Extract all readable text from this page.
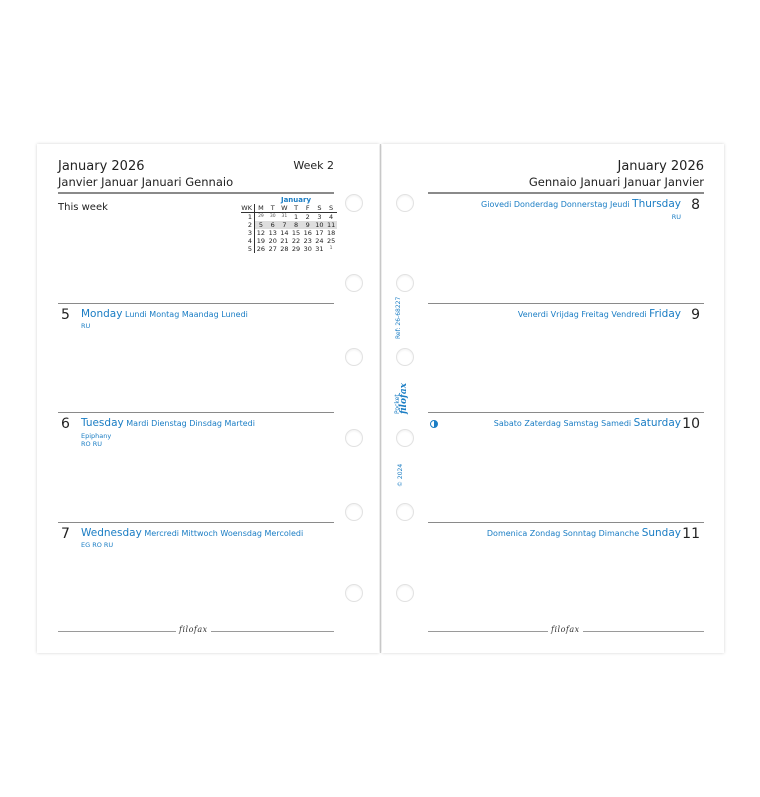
January 2026	Week 2
Janvier Januar Januari Gennaio
This week
January
WK	M	T	W	T	F	S	S
1	29	30	31	1	2	3	4
2	5	6	7	8	9	10	11
3	12	13	14	15	16	17	18
4	19	20	21	22	23	24	25
5	26	27	28	29	30	31	1
5 Monday Lundi Montag Maandag Lunedi
RU
6 Tuesday Mardi Dienstag Dinsdag Martedi
Epiphany
RO RU
7 Wednesday Mercredi Mittwoch Woensdag Mercoledi
EG RO RU
filofax
January 2026
Gennaio Januari Januar Janvier
8
Giovedi Donderdag Donnerstag Jeudi Thursday
RU
9
Venerdi Vrijdag Freitag Vendredi Friday
10
Sabato Zaterdag Samstag Samedi Saturday
11
Domenica Zondag Sonntag Dimanche Sunday
filofax
Ref: 26-68227
Pocket
filofax
© 2024
